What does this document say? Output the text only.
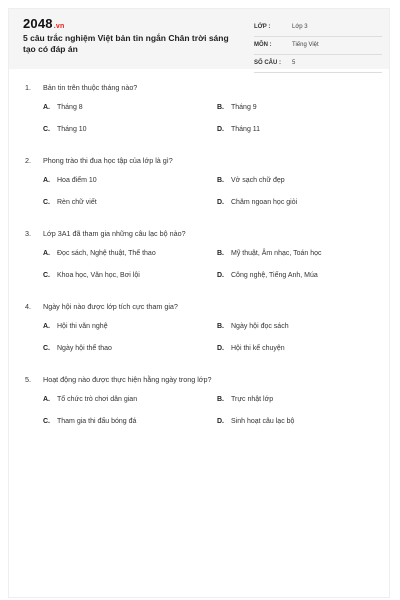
2048.vn
5 câu trắc nghiệm Việt bản tin ngắn Chân trời sáng tạo có đáp án
LỚP :	Lớp 3
MÔN :	Tiếng Việt
SỐ CÂU : 5
1. Bản tin trên thuộc tháng nào?
A. Tháng 8	B. Tháng 9
C. Tháng 10	D. Tháng 11
2. Phong trào thi đua học tập của lớp là gì?
A. Hoa điểm 10	B. Vở sạch chữ đẹp
C. Rèn chữ viết	D. Chăm ngoan học giỏi
3. Lớp 3A1 đã tham gia những câu lạc bộ nào?
A. Đọc sách, Nghệ thuật, Thể thao	B. Mỹ thuật, Âm nhạc, Toán học
C. Khoa học, Văn học, Bơi lội	D. Công nghệ, Tiếng Anh, Múa
4. Ngày hội nào được lớp tích cực tham gia?
A. Hội thi văn nghệ	B. Ngày hội đọc sách
C. Ngày hội thể thao	D. Hội thi kể chuyện
5. Hoạt động nào được thực hiện hằng ngày trong lớp?
A. Tổ chức trò chơi dân gian	B. Trực nhật lớp
C. Tham gia thi đấu bóng đá	D. Sinh hoạt câu lạc bộ
